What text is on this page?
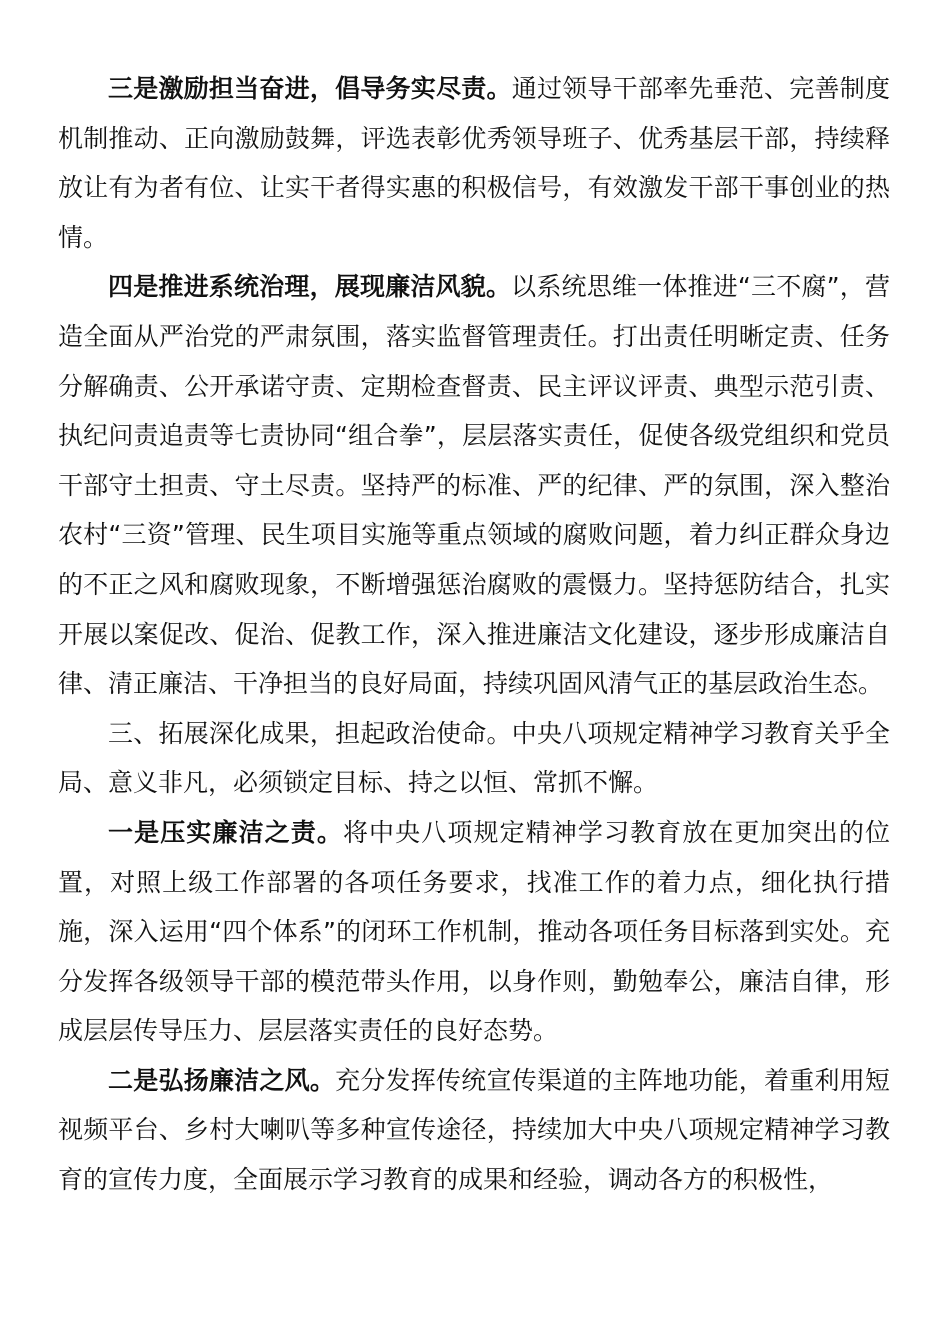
三是激励担当奋进，倡导务实尽责。通过领导干部率先垂范、完善制度机制推动、正向激励鼓舞，评选表彰优秀领导班子、优秀基层干部，持续释放让有为者有位、让实干者得实惠的积极信号，有效激发干部干事创业的热情。

四是推进系统治理，展现廉洁风貌。以系统思维一体推进“三不腐”，营造全面从严治党的严肃氛围，落实监督管理责任。打出责任明晰定责、任务分解确责、公开承诺守责、定期检查督责、民主评议评责、典型示范引责、执纪问责追责等七责协同“组合拳”，层层落实责任，促使各级党组织和党员干部守土担责、守土尽责。坚持严的标准、严的纪律、严的氛围，深入整治农村“三资”管理、民生项目实施等重点领域的腐败问题，着力纠正群众身边的不正之风和腐败现象，不断增强惩治腐败的震慑力。坚持惩防结合，扎实开展以案促改、促治、促教工作，深入推进廉洁文化建设，逐步形成廉洁自律、清正廉洁、干净担当的良好局面，持续巩固风清气正的基层政治生态。

三、拓展深化成果，担起政治使命。中央八项规定精神学习教育关乎全局、意义非凡，必须锁定目标、持之以恒、常抓不懈。

一是压实廉洁之责。将中央八项规定精神学习教育放在更加突出的位置，对照上级工作部署的各项任务要求，找准工作的着力点，细化执行措施，深入运用“四个体系”的闭环工作机制，推动各项任务目标落到实处。充分发挥各级领导干部的模范带头作用，以身作则，勤勉奉公，廉洁自律，形成层层传导压力、层层落实责任的良好态势。

二是弘扬廉洁之风。充分发挥传统宣传渠道的主阵地功能，着重利用短视频平台、乡村大喇叭等多种宣传途径，持续加大中央八项规定精神学习教育的宣传力度，全面展示学习教育的成果和经验，调动各方的积极性，
